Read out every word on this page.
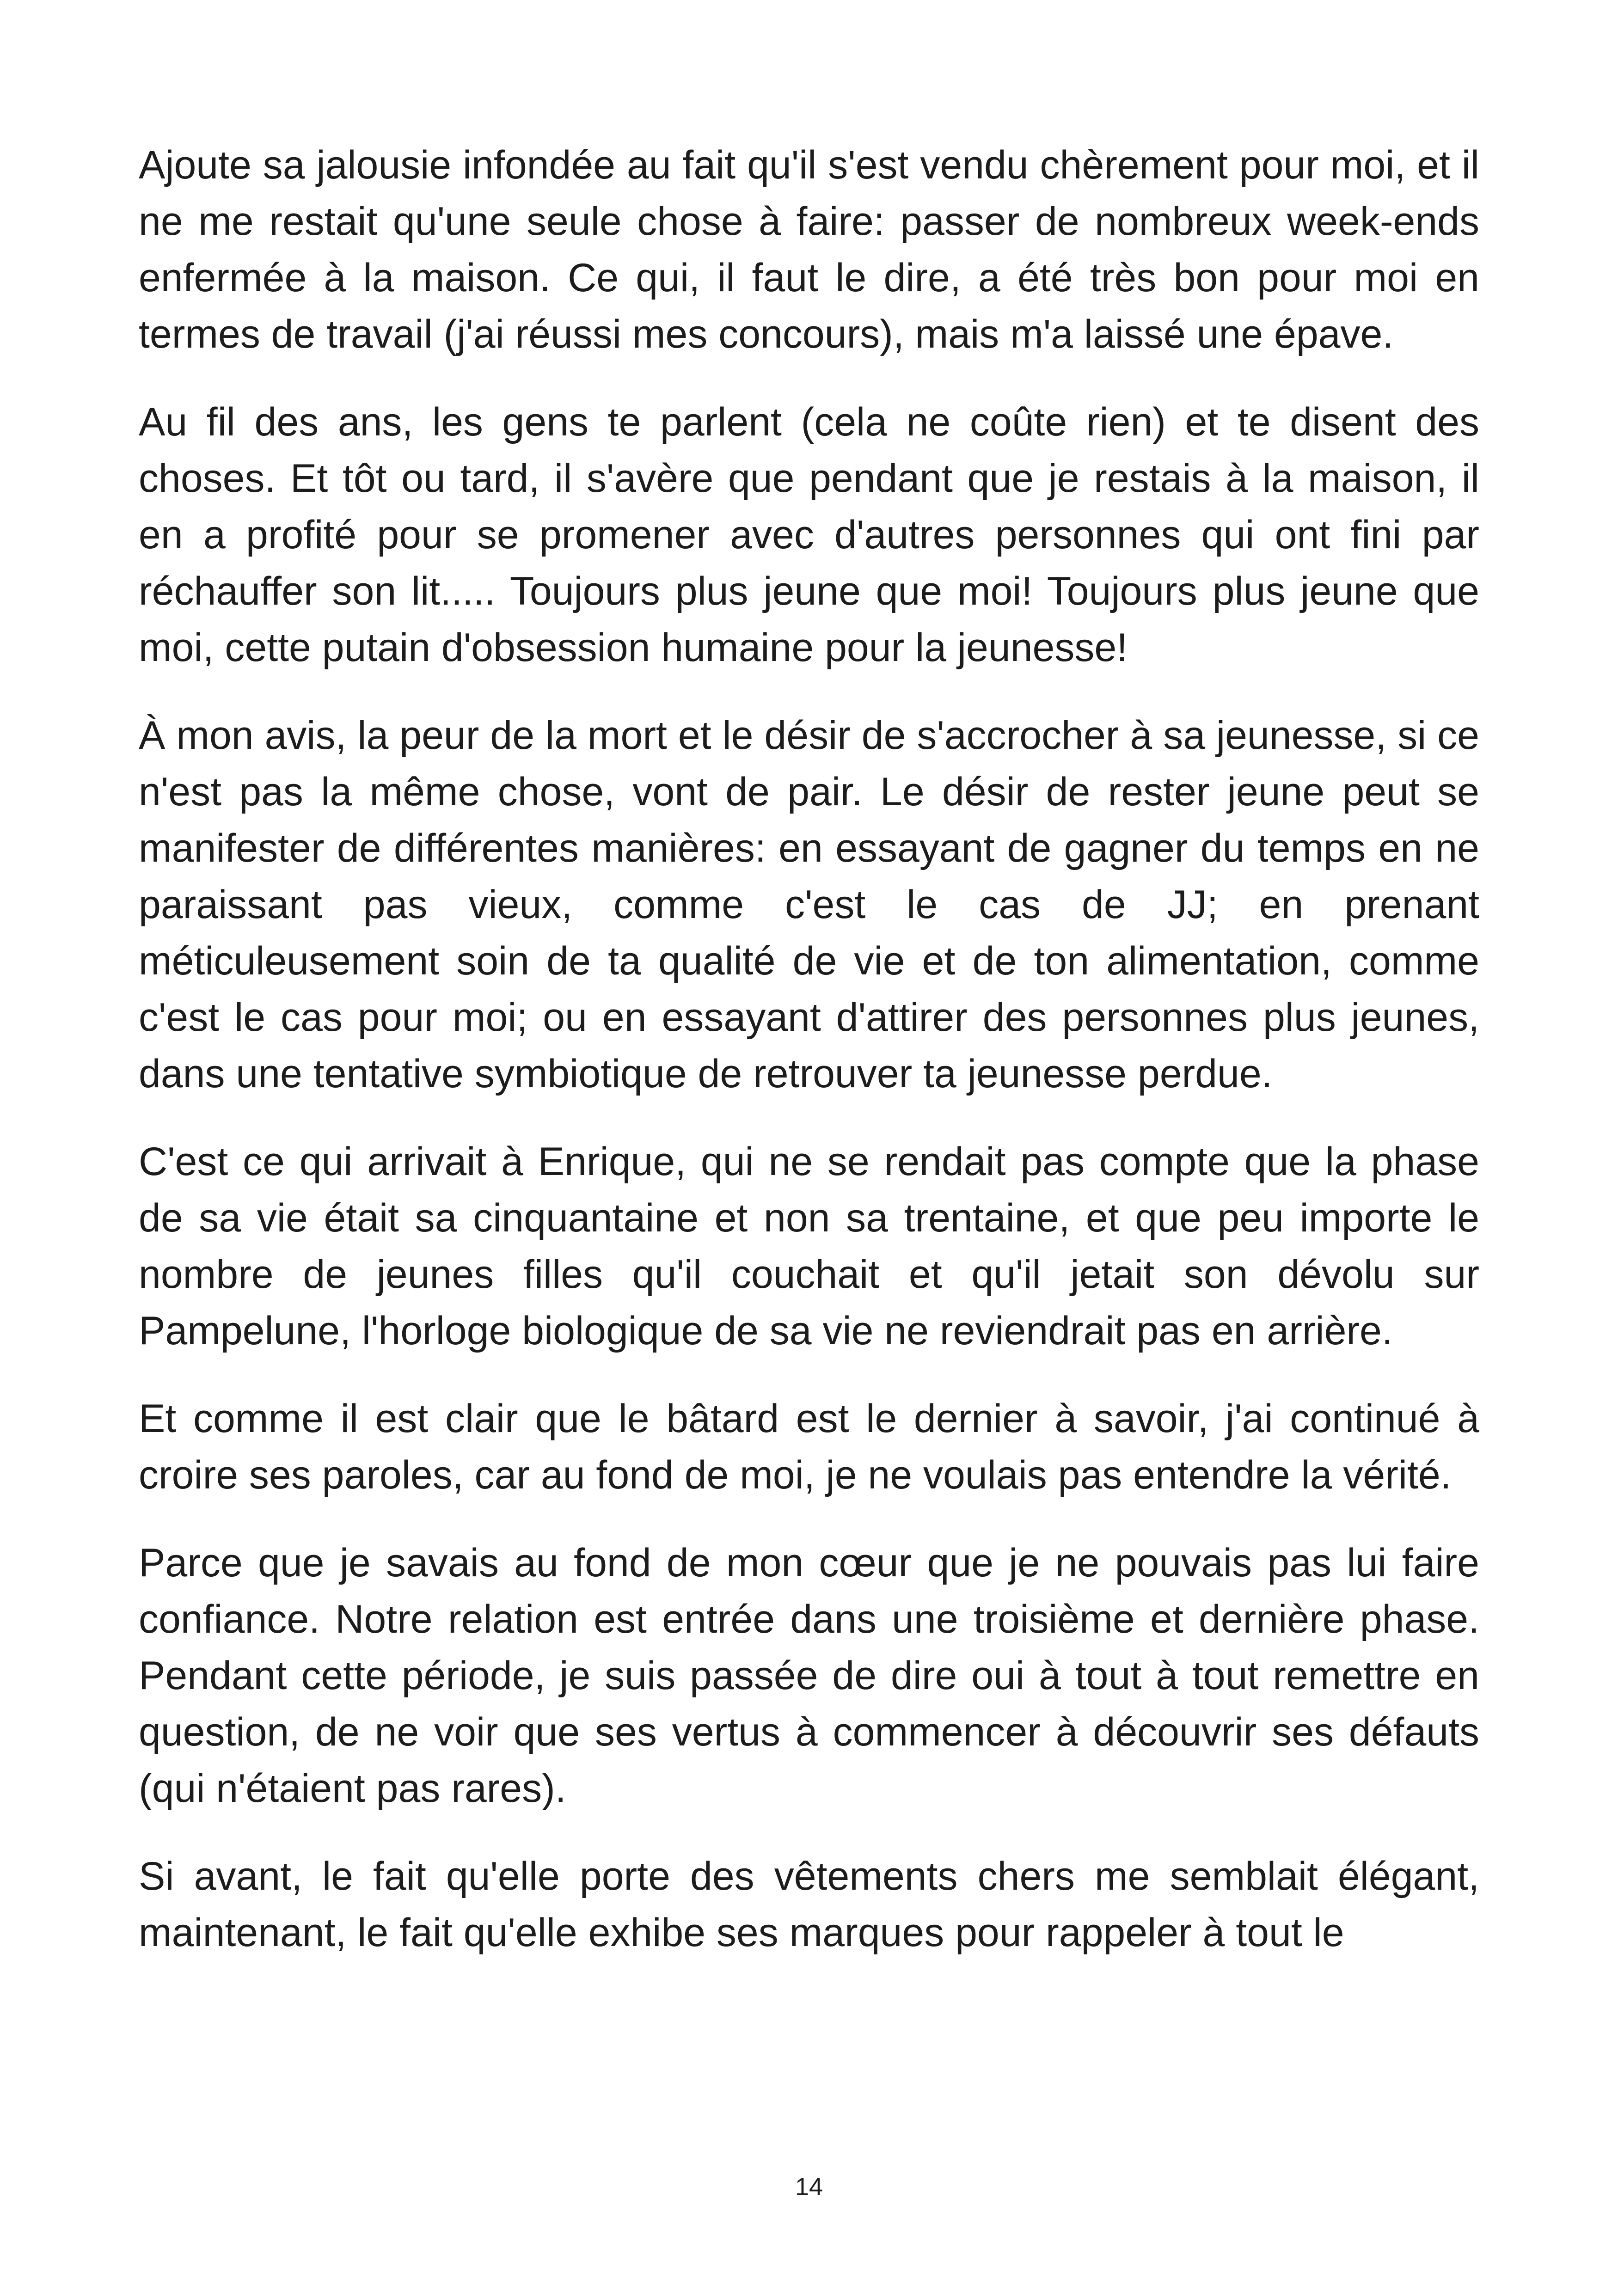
Ajoute sa jalousie infondée au fait qu'il s'est vendu chèrement pour moi, et il ne me restait qu'une seule chose à faire: passer de nombreux week-ends enfermée à la maison. Ce qui, il faut le dire, a été très bon pour moi en termes de travail (j'ai réussi mes concours), mais m'a laissé une épave.

Au fil des ans, les gens te parlent (cela ne coûte rien) et te disent des choses. Et tôt ou tard, il s'avère que pendant que je restais à la maison, il en a profité pour se promener avec d'autres personnes qui ont fini par réchauffer son lit..... Toujours plus jeune que moi! Toujours plus jeune que moi, cette putain d'obsession humaine pour la jeunesse!

À mon avis, la peur de la mort et le désir de s'accrocher à sa jeunesse, si ce n'est pas la même chose, vont de pair. Le désir de rester jeune peut se manifester de différentes manières: en essayant de gagner du temps en ne paraissant pas vieux, comme c'est le cas de JJ; en prenant méticuleusement soin de ta qualité de vie et de ton alimentation, comme c'est le cas pour moi; ou en essayant d'attirer des personnes plus jeunes, dans une tentative symbiotique de retrouver ta jeunesse perdue.

C'est ce qui arrivait à Enrique, qui ne se rendait pas compte que la phase de sa vie était sa cinquantaine et non sa trentaine, et que peu importe le nombre de jeunes filles qu'il couchait et qu'il jetait son dévolu sur Pampelune, l'horloge biologique de sa vie ne reviendrait pas en arrière.

Et comme il est clair que le bâtard est le dernier à savoir, j'ai continué à croire ses paroles, car au fond de moi, je ne voulais pas entendre la vérité.

Parce que je savais au fond de mon cœur que je ne pouvais pas lui faire confiance. Notre relation est entrée dans une troisième et dernière phase. Pendant cette période, je suis passée de dire oui à tout à tout remettre en question, de ne voir que ses vertus à commencer à découvrir ses défauts (qui n'étaient pas rares).

Si avant, le fait qu'elle porte des vêtements chers me semblait élégant, maintenant, le fait qu'elle exhibe ses marques pour rappeler à tout le

14
